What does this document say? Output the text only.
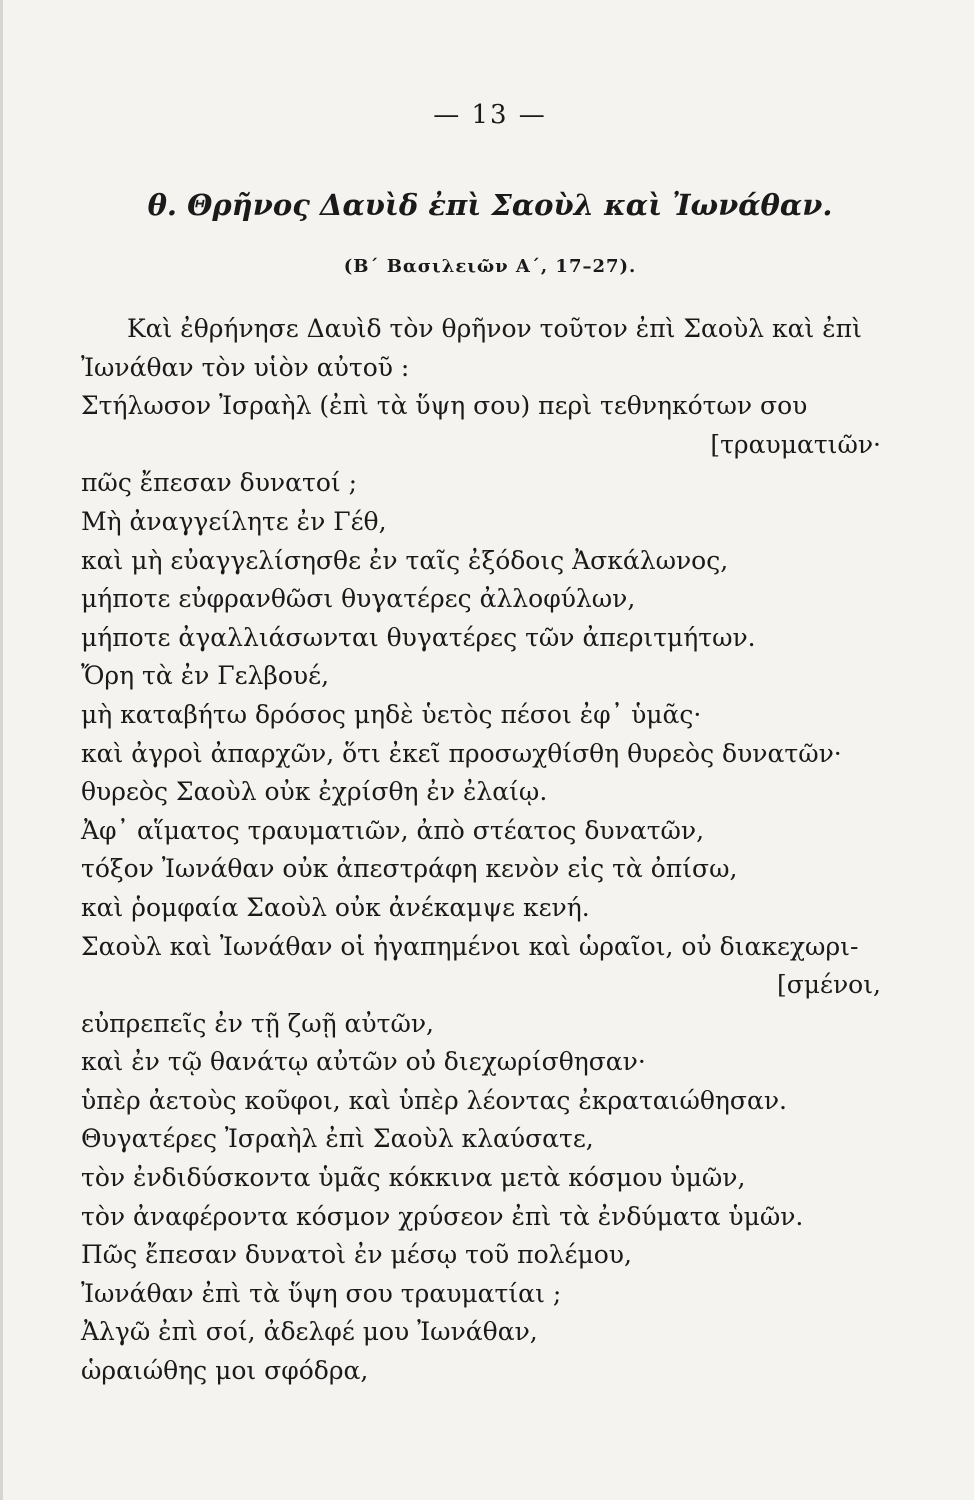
— 13 —
θ. Θρῆνος Δαυὶδ ἐπὶ Σαοὺλ καὶ Ἰωνάθαν.
(Β΄ Βασιλειῶν Α΄, 17–27).
Καὶ ἐθρήνησε Δαυὶδ τὸν θρῆνον τοῦτον ἐπὶ Σαοὺλ καὶ ἐπὶ
Ἰωνάθαν τὸν υἱὸν αὐτοῦ :
Στήλωσον Ἰσραὴλ (ἐπὶ τὰ ὕψη σου) περὶ τεθνηκότων σου
[τραυματιῶν·
πῶς ἔπεσαν δυνατοί ;
Μὴ ἀναγγείλητε ἐν Γέθ,
καὶ μὴ εὐαγγελίσησθε ἐν ταῖς ἐξόδοις Ἀσκάλωνος,
μήποτε εὐφρανθῶσι θυγατέρες ἀλλοφύλων,
μήποτε ἀγαλλιάσωνται θυγατέρες τῶν ἀπεριτμήτων.
Ὄρη τὰ ἐν Γελβουέ,
μὴ καταβήτω δρόσος μηδὲ ὑετὸς πέσοι ἐφ᾽ ὑμᾶς·
καὶ ἀγροὶ ἀπαρχῶν, ὅτι ἐκεῖ προσωχθίσθη θυρεὸς δυνατῶν·
θυρεὸς Σαοὺλ οὐκ ἐχρίσθη ἐν ἐλαίῳ.
Ἀφ᾽ αἵματος τραυματιῶν, ἀπὸ στέατος δυνατῶν,
τόξον Ἰωνάθαν οὐκ ἀπεστράφη κενὸν εἰς τὰ ὀπίσω,
καὶ ῥομφαία Σαοὺλ οὐκ ἀνέκαμψε κενή.
Σαοὺλ καὶ Ἰωνάθαν οἱ ἠγαπημένοι καὶ ὡραῖοι, οὐ διακεχωρι-
[σμένοι,
εὐπρεπεῖς ἐν τῇ ζωῇ αὐτῶν,
καὶ ἐν τῷ θανάτῳ αὐτῶν οὐ διεχωρίσθησαν·
ὑπὲρ ἀετοὺς κοῦφοι, καὶ ὑπὲρ λέοντας ἐκραταιώθησαν.
Θυγατέρες Ἰσραὴλ ἐπὶ Σαοὺλ κλαύσατε,
τὸν ἐνδιδύσκοντα ὑμᾶς κόκκινα μετὰ κόσμου ὑμῶν,
τὸν ἀναφέροντα κόσμον χρύσεον ἐπὶ τὰ ἐνδύματα ὑμῶν.
Πῶς ἔπεσαν δυνατοὶ ἐν μέσῳ τοῦ πολέμου,
Ἰωνάθαν ἐπὶ τὰ ὕψη σου τραυματίαι ;
Ἀλγῶ ἐπὶ σοί, ἀδελφέ μου Ἰωνάθαν,
ὡραιώθης μοι σφόδρα,
